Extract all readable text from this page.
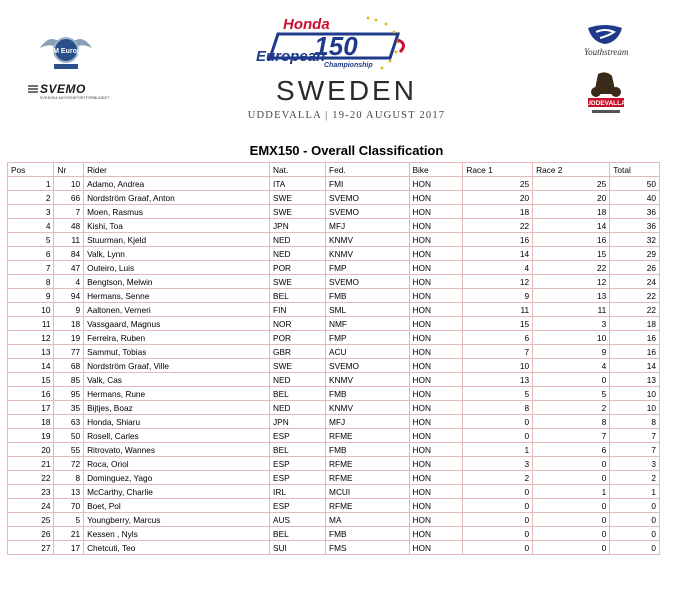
FIM Europe
SVEMO
SVENSKA MOTORSPORTFÖRBUNDET
150
Honda
European
Championship
SWEDEN
UDDEVALLA | 19-20 AUGUST 2017
Youthstream
UDDEVALLA
EMX150 - Overall Classification
Pos	Nr	Rider	Nat.	Fed.	Bike	Race 1	Race 2	Total
1	10	Adamo, Andrea	ITA	FMI	HON	25	25	50
2	66	Nordström Graaf, Anton	SWE	SVEMO	HON	20	20	40
3	7	Moen, Rasmus	SWE	SVEMO	HON	18	18	36
4	48	Kishi, Toa	JPN	MFJ	HON	22	14	36
5	11	Stuurman, Kjeld	NED	KNMV	HON	16	16	32
6	84	Valk, Lynn	NED	KNMV	HON	14	15	29
7	47	Outeiro, Luis	POR	FMP	HON	4	22	26
8	4	Bengtson, Melwin	SWE	SVEMO	HON	12	12	24
9	94	Hermans, Senne	BEL	FMB	HON	9	13	22
10	9	Aaltonen, Verneri	FIN	SML	HON	11	11	22
11	18	Vassgaard, Magnus	NOR	NMF	HON	15	3	18
12	19	Ferreira, Ruben	POR	FMP	HON	6	10	16
13	77	Sammut, Tobias	GBR	ACU	HON	7	9	16
14	68	Nordström Graaf, Ville	SWE	SVEMO	HON	10	4	14
15	85	Valk, Cas	NED	KNMV	HON	13	0	13
16	95	Hermans, Rune	BEL	FMB	HON	5	5	10
17	35	Bijtjes, Boaz	NED	KNMV	HON	8	2	10
18	63	Honda, Shiaru	JPN	MFJ	HON	0	8	8
19	50	Rosell, Carles	ESP	RFME	HON	0	7	7
20	55	Ritrovato, Wannes	BEL	FMB	HON	1	6	7
21	72	Roca, Oriol	ESP	RFME	HON	3	0	3
22	8	Dominguez, Yago	ESP	RFME	HON	2	0	2
23	13	McCarthy, Charlie	IRL	MCUI	HON	0	1	1
24	70	Boet, Pol	ESP	RFME	HON	0	0	0
25	5	Youngberry, Marcus	AUS	MA	HON	0	0	0
26	21	Kessen , Nyls	BEL	FMB	HON	0	0	0
27	17	Chetcuti, Teo	SUI	FMS	HON	0	0	0
